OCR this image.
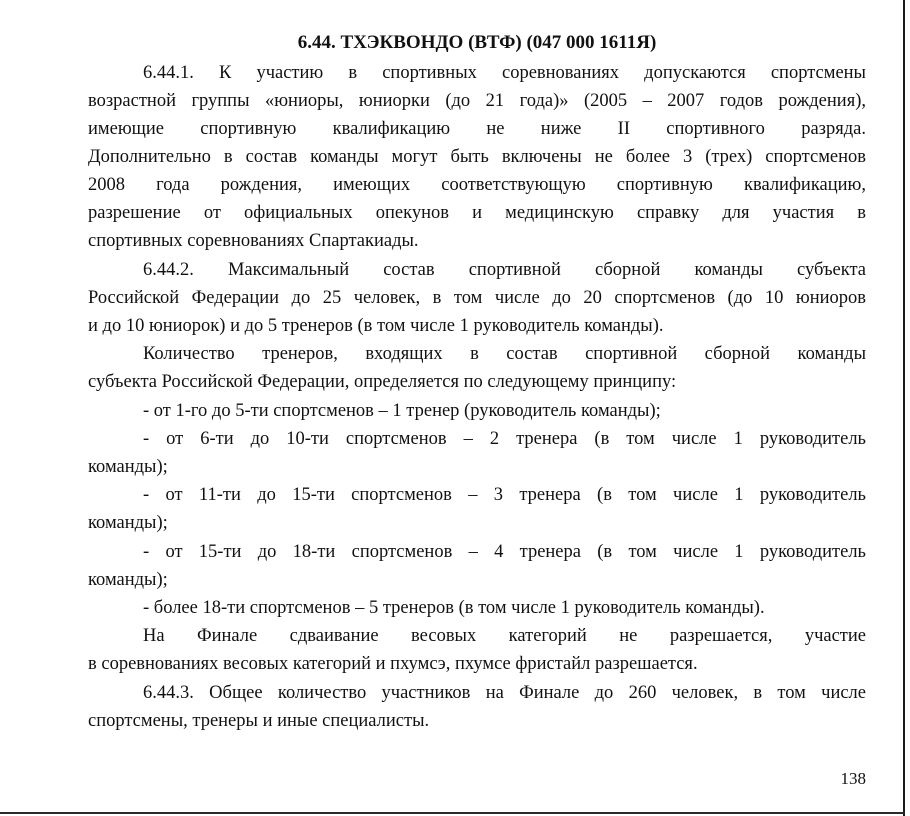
6.44. ТХЭКВОНДО (ВТФ) (047 000 1611Я)
6.44.1. К участию в спортивных соревнованиях допускаются спортсмены
возрастной группы «юниоры, юниорки (до 21 года)» (2005 – 2007 годов рождения),
имеющие спортивную квалификацию не ниже II спортивного разряда.
Дополнительно в состав команды могут быть включены не более 3 (трех) спортсменов
2008 года рождения, имеющих соответствующую спортивную квалификацию,
разрешение от официальных опекунов и медицинскую справку для участия в
спортивных соревнованиях Спартакиады.
6.44.2. Максимальный состав спортивной сборной команды субъекта
Российской Федерации до 25 человек, в том числе до 20 спортсменов (до 10 юниоров
и до 10 юниорок) и до 5 тренеров (в том числе 1 руководитель команды).
Количество тренеров, входящих в состав спортивной сборной команды
субъекта Российской Федерации, определяется по следующему принципу:
- от 1-го до 5-ти спортсменов – 1 тренер (руководитель команды);
- от 6-ти до 10-ти спортсменов – 2 тренера (в том числе 1 руководитель
команды);
- от 11-ти до 15-ти спортсменов – 3 тренера (в том числе 1 руководитель
команды);
- от 15-ти до 18-ти спортсменов – 4 тренера (в том числе 1 руководитель
команды);
- более 18-ти спортсменов – 5 тренеров (в том числе 1 руководитель команды).
На Финале сдваивание весовых категорий не разрешается, участие
в соревнованиях весовых категорий и пхумсэ, пхумсе фристайл разрешается.
6.44.3. Общее количество участников на Финале до 260 человек, в том числе
спортсмены, тренеры и иные специалисты.
138
